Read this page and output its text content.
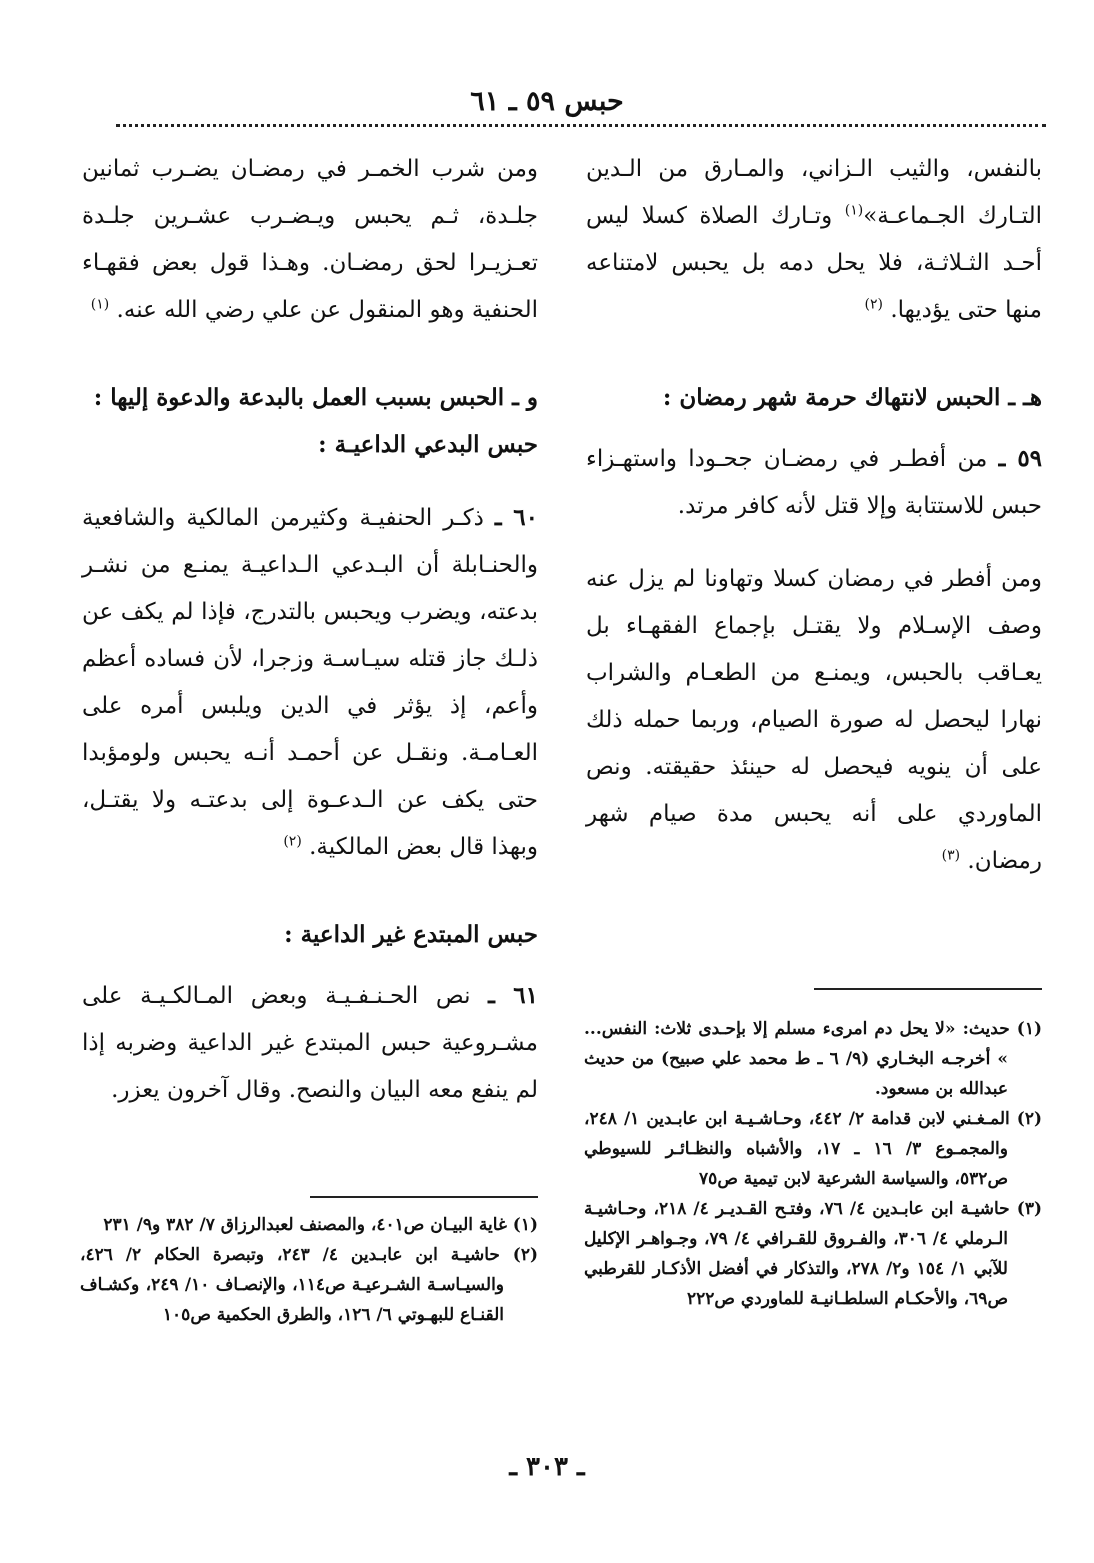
حبس ٥٩ ـ ٦١

بالنفس، والثيب الـزاني، والمـارق من الـدين التـارك الجـماعـة»$^{(١)}$ وتـارك الصلاة كسلا ليس أحـد الثـلاثـة، فلا يحل دمه بل يحبس لامتناعه منها حتى يؤديها. $^{(٢)}$

هـ ـ الحبس لانتهاك حرمة شهر رمضان :

٥٩ ـ من أفطـر في رمضـان جحـودا واستهـزاء حبس للاستتابة وإلا قتل لأنه كافر مرتد.

ومن أفطر في رمضان كسلا وتهاونا لم يزل عنه وصف الإسـلام ولا يقتـل بإجماع الفقهـاء بل يعـاقب بالحبس، ويمنـع من الطعـام والشراب نهارا ليحصل له صورة الصيام، وربما حمله ذلك على أن ينويه فيحصل له حينئذ حقيقته. ونص الماوردي على أنه يحبس مدة صيام شهر رمضان. $^{(٣)}$

ومن شرب الخمـر في رمضـان يضـرب ثمانين جلـدة، ثـم يحبس ويـضـرب عشـرين جلـدة تعـزيـرا لحق رمضـان. وهـذا قول بعض فقهـاء الحنفية وهو المنقول عن علي رضي الله عنه. $^{(١)}$

و ـ الحبس بسبب العمل بالبدعة والدعوة إليها :
حبس البدعي الداعيـة :

٦٠ ـ ذكـر الحنفيـة وكثيرمن المالكية والشافعية والحنـابلة أن البـدعي الـداعيـة يمنـع من نشـر بدعته، ويضرب ويحبس بالتدرج، فإذا لم يكف عن ذلـك جاز قتله سيـاسـة وزجرا، لأن فساده أعظم وأعم، إذ يؤثر في الدين ويلبس أمره على العـامـة. ونقـل عن أحمـد أنـه يحبس ولومؤبدا حتى يكف عن الـدعـوة إلى بدعتـه ولا يقتـل، وبهذا قال بعض المالكية. $^{(٢)}$

حبس المبتدع غير الداعية :

٦١ ـ نص الحـنـفـيـة وبعض المـالكـيـة على مشـروعية حبس المبتدع غير الداعية وضربه إذا لم ينفع معه البيان والنصح. وقال آخرون يعزر.

(١) حديث: «لا يحل دم امرىء مسلم إلا بإحـدى ثلاث: النفس... » أخرجـه البخـاري (٩/ ٦ ـ ط محمد علي صبيح) من حديث عبدالله بن مسعود.
(٢) المـغـني لابن قدامة ٢/ ٤٤٢، وحـاشـيـة ابن عابـدين ١/ ٢٤٨، والمجمـوع ٣/ ١٦ ـ ١٧، والأشباه والنظـائـر للسيوطي ص٥٣٢، والسياسة الشرعية لابن تيمية ص٧٥
(٣) حاشيـة ابن عابـدين ٤/ ٧٦، وفتـح القـديـر ٤/ ٢١٨، وحـاشيـة الـرملي ٤/ ٣٠٦، والفـروق للقـرافي ٤/ ٧٩، وجـواهـر الإكليل للآبي ١/ ١٥٤ و٢/ ٢٧٨، والتذكار في أفضل الأذكـار للقرطبي ص٦٩، والأحكـام السلطـانيـة للماوردي ص٢٢٢
(١) غاية البيـان ص٤٠١، والمصنف لعبدالرزاق ٧/ ٣٨٢ و٩/ ٢٣١
(٢) حاشيـة ابن عابـدين ٤/ ٢٤٣، وتبصرة الحكام ٢/ ٤٢٦، والسيـاسـة الشـرعيـة ص١١٤، والإنصـاف ١٠/ ٢٤٩، وكشـاف القنـاع للبهـوتي ٦/ ١٢٦، والطرق الحكمية ص١٠٥
ـ ٣٠٣ ـ
